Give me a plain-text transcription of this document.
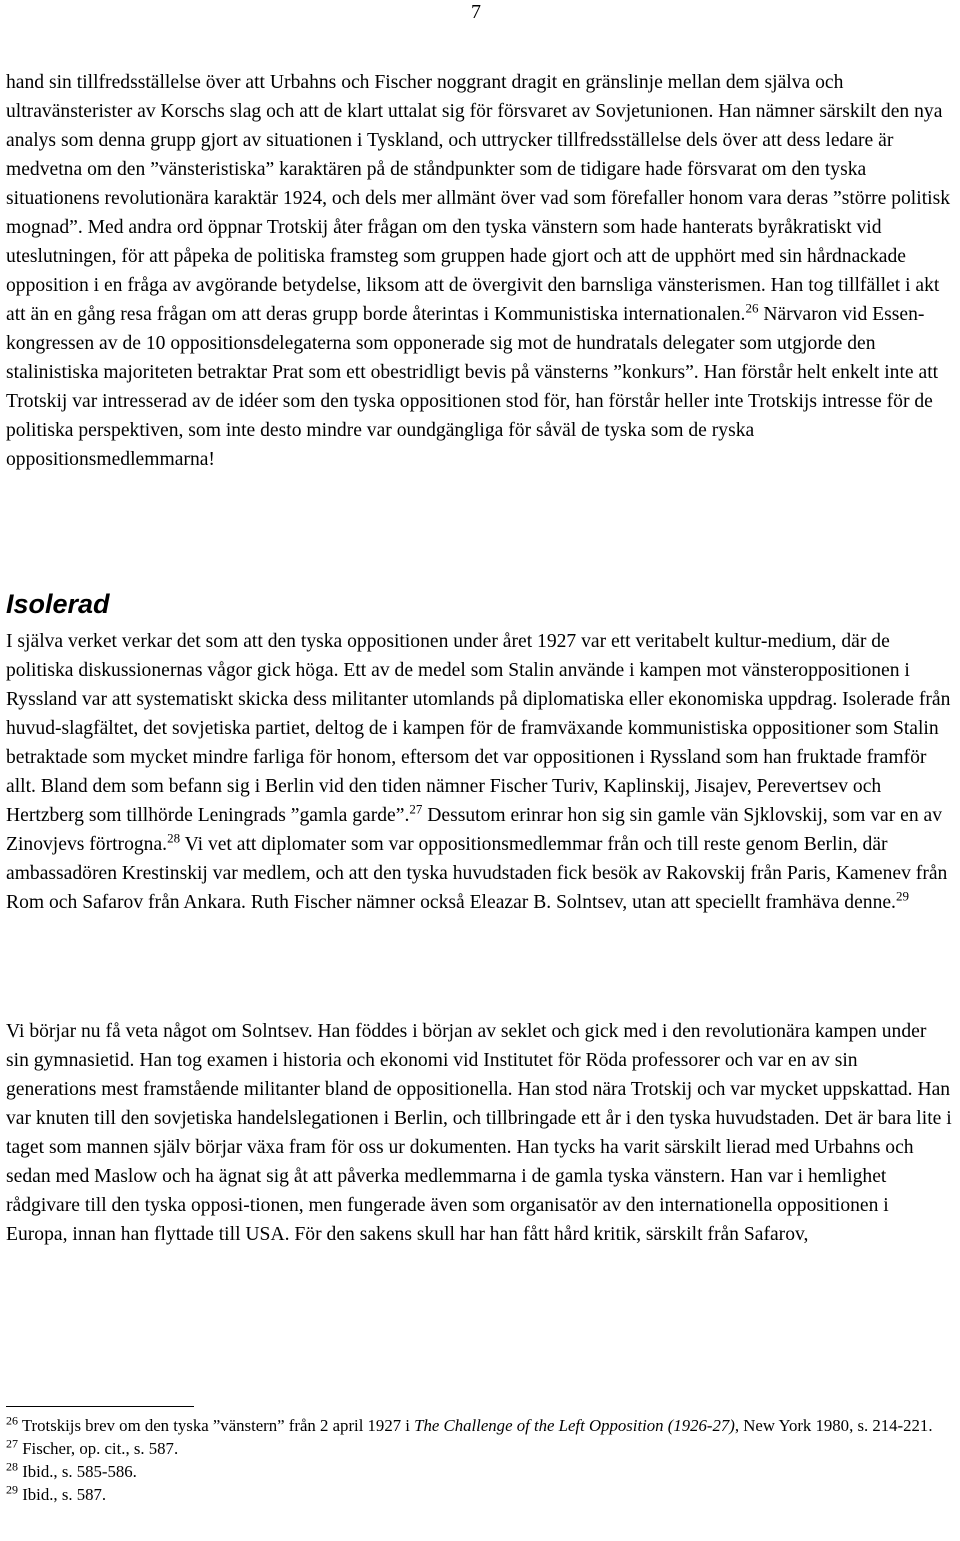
7

hand sin tillfredsställelse över att Urbahns och Fischer noggrant dragit en gränslinje mellan dem själva och ultravänsterister av Korschs slag och att de klart uttalat sig för försvaret av Sovjetunionen. Han nämner särskilt den nya analys som denna grupp gjort av situationen i Tyskland, och uttrycker tillfredsställelse dels över att dess ledare är medvetna om den ”vänsteristiska” karaktären på de ståndpunkter som de tidigare hade försvarat om den tyska situationens revolutionära karaktär 1924, och dels mer allmänt över vad som förefaller honom vara deras ”större politisk mognad”. Med andra ord öppnar Trotskij åter frågan om den tyska vänstern som hade hanterats byråkratiskt vid uteslutningen, för att påpeka de politiska framsteg som gruppen hade gjort och att de upphört med sin hårdnackade opposition i en fråga av avgörande betydelse, liksom att de övergivit den barnsliga vänsterismen. Han tog tillfället i akt att än en gång resa frågan om att deras grupp borde återintas i Kommunistiska internationalen.$^{26}$ Närvaron vid Essen-kongressen av de 10 oppositionsdelegaterna som opponerade sig mot de hundratals delegater som utgjorde den stalinistiska majoriteten betraktar Prat som ett obestridligt bevis på vänsterns ”konkurs”. Han förstår helt enkelt inte att Trotskij var intresserad av de idéer som den tyska oppositionen stod för, han förstår heller inte Trotskijs intresse för de politiska perspektiven, som inte desto mindre var oundgängliga för såväl de tyska som de ryska oppositionsmedlemmarna!

Isolerad

I själva verket verkar det som att den tyska oppositionen under året 1927 var ett veritabelt kultur-medium, där de politiska diskussionernas vågor gick höga. Ett av de medel som Stalin använde i kampen mot vänsteroppositionen i Ryssland var att systematiskt skicka dess militanter utomlands på diplomatiska eller ekonomiska uppdrag. Isolerade från huvud-slagfältet, det sovjetiska partiet, deltog de i kampen för de framväxande kommunistiska oppositioner som Stalin betraktade som mycket mindre farliga för honom, eftersom det var oppositionen i Ryssland som han fruktade framför allt. Bland dem som befann sig i Berlin vid den tiden nämner Fischer Turiv, Kaplinskij, Jisajev, Perevertsev och Hertzberg som tillhörde Leningrads ”gamla garde”.$^{27}$ Dessutom erinrar hon sig sin gamle vän Sjklovskij, som var en av Zinovjevs förtrogna.$^{28}$ Vi vet att diplomater som var oppositionsmedlemmar från och till reste genom Berlin, där ambassadören Krestinskij var medlem, och att den tyska huvudstaden fick besök av Rakovskij från Paris, Kamenev från Rom och Safarov från Ankara. Ruth Fischer nämner också Eleazar B. Solntsev, utan att speciellt framhäva denne.$^{29}$

Vi börjar nu få veta något om Solntsev. Han föddes i början av seklet och gick med i den revolutionära kampen under sin gymnasietid. Han tog examen i historia och ekonomi vid Institutet för Röda professorer och var en av sin generations mest framstående militanter bland de oppositionella. Han stod nära Trotskij och var mycket uppskattad. Han var knuten till den sovjetiska handelslegationen i Berlin, och tillbringade ett år i den tyska huvudstaden. Det är bara lite i taget som mannen själv börjar växa fram för oss ur dokumenten. Han tycks ha varit särskilt lierad med Urbahns och sedan med Maslow och ha ägnat sig åt att påverka medlemmarna i de gamla tyska vänstern. Han var i hemlighet rådgivare till den tyska opposi-tionen, men fungerade även som organisatör av den internationella oppositionen i Europa, innan han flyttade till USA. För den sakens skull har han fått hård kritik, särskilt från Safarov,

$^{26}$ Trotskijs brev om den tyska ”vänstern” från 2 april 1927 i The Challenge of the Left Opposition (1926-27), New York 1980, s. 214-221.

$^{27}$ Fischer, op. cit., s. 587.

$^{28}$ Ibid., s. 585-586.

$^{29}$ Ibid., s. 587.
